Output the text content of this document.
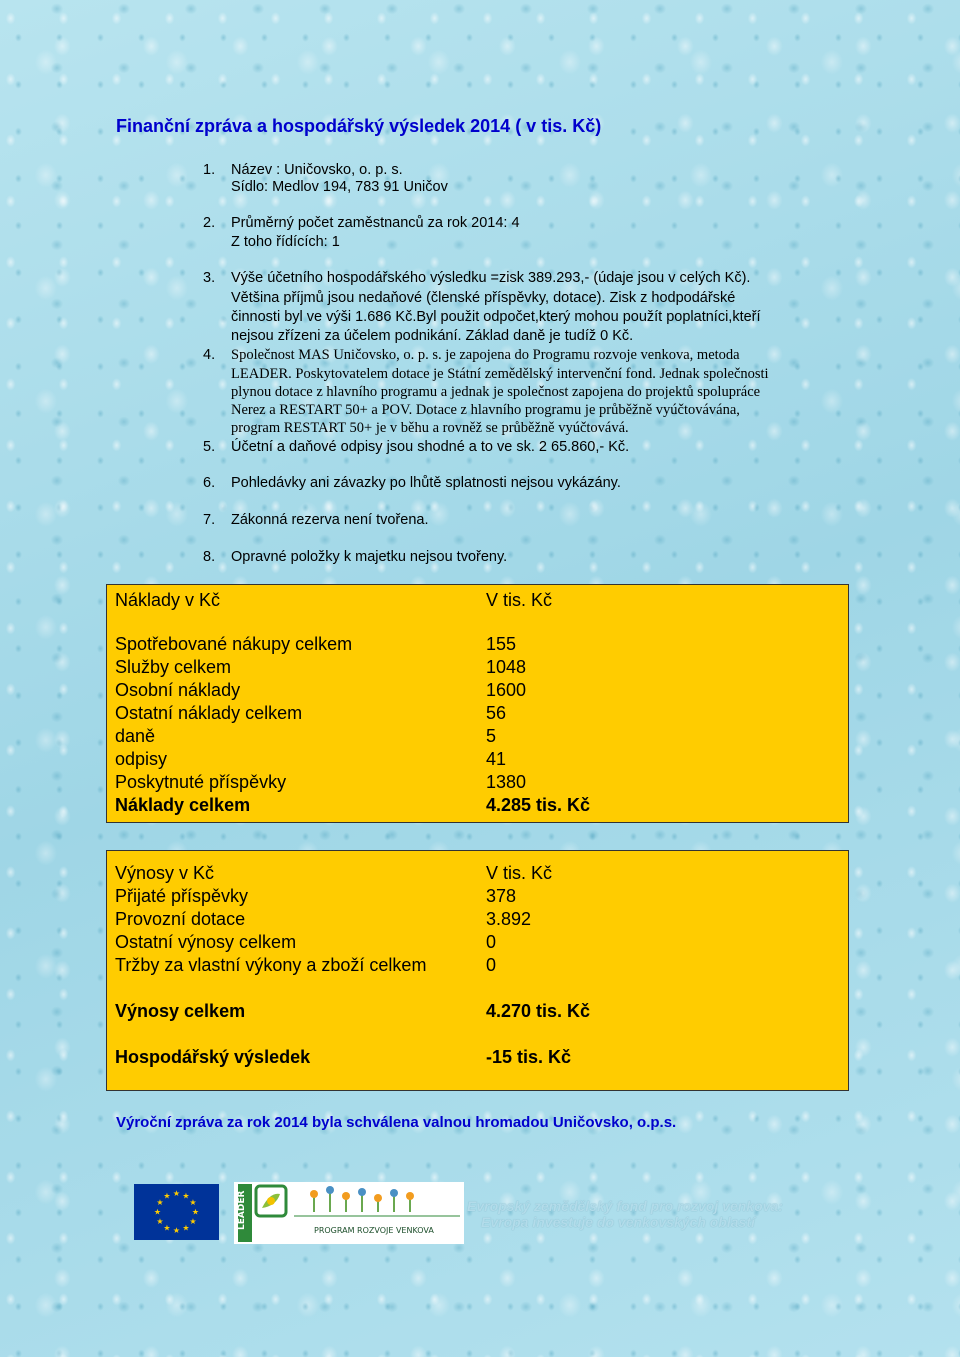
Finanční zpráva a hospodářský výsledek 2014 ( v tis. Kč)
1. Název : Uničovsko, o. p. s.
Sídlo: Medlov 194, 783 91 Uničov
2. Průměrný počet zaměstnanců za rok 2014: 4
Z toho řídících: 1
3. Výše účetního hospodářského výsledku =zisk 389.293,- (údaje jsou v celých Kč).
Většina příjmů jsou nedaňové (členské příspěvky, dotace). Zisk z hodpodářské
činnosti byl ve výši 1.686 Kč.Byl použit odpočet,který mohou použít poplatníci,kteří
nejsou zřízeni za účelem podnikání. Základ daně je tudíž 0 Kč.
4. Společnost MAS Uničovsko, o. p. s. je zapojena do Programu rozvoje venkova, metoda
LEADER. Poskytovatelem dotace je Státní zemědělský intervenční fond. Jednak společnosti
plynou dotace z hlavního programu a jednak je společnost zapojena do projektů spolupráce
Nerez a RESTART 50+ a POV. Dotace z hlavního programu je průběžně vyúčtovávána,
program RESTART 50+ je v běhu a rovněž se průběžně vyúčtovává.
5. Účetní a daňové odpisy jsou shodné a to ve sk. 2 65.860,- Kč.
6. Pohledávky ani závazky po lhůtě splatnosti nejsou vykázány.
7. Zákonná rezerva není tvořena.
8. Opravné položky k majetku nejsou tvořeny.
Náklady v Kč	V tis. Kč
Spotřebované nákupy celkem	155
Služby celkem	1048
Osobní náklady	1600
Ostatní náklady celkem	56
daně	5
odpisy	41
Poskytnuté příspěvky	1380
Náklady celkem	4.285 tis. Kč
Výnosy v Kč	V tis. Kč
Přijaté příspěvky	378
Provozní dotace	3.892
Ostatní výnosy celkem	0
Tržby za vlastní výkony a zboží celkem	0
Výnosy celkem	4.270 tis. Kč
Hospodářský výsledek	-15 tis. Kč
Výroční zpráva za rok 2014 byla schválena valnou hromadou Uničovsko, o.p.s.
★ ★
★
★
★
★
★
★
★
★
★
★	LEADER
PROGRAM ROZVOJE VENKOVA
Evropský zemědělský fond pro rozvoj venkova:
Evropa investuje do venkovských oblastí
